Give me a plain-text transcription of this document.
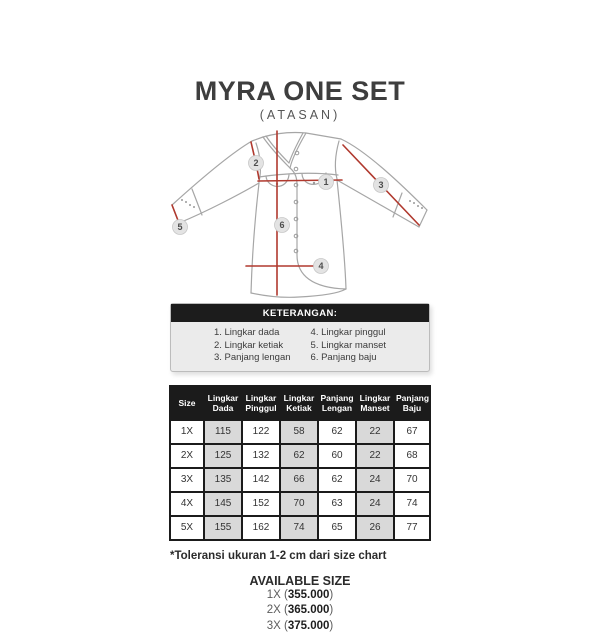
MYRA ONE SET
(ATASAN)
1
2
3
4
5	6
KETERANGAN:
1. Lingkar dada
2. Lingkar ketiak
3. Panjang lengan
4. Lingkar pinggul
5. Lingkar manset
6. Panjang baju
Size	Lingkar Dada	Lingkar Pinggul	Lingkar Ketiak	Panjang Lengan	Lingkar Manset	Panjang Baju
1X	115	122	58	62	22	67
2X	125	132	62	60	22	68
3X	135	142	66	62	24	70
4X	145	152	70	63	24	74
5X	155	162	74	65	26	77
*Toleransi ukuran 1-2 cm dari size chart
AVAILABLE SIZE
1X (355.000)
2X (365.000)
3X (375.000)
